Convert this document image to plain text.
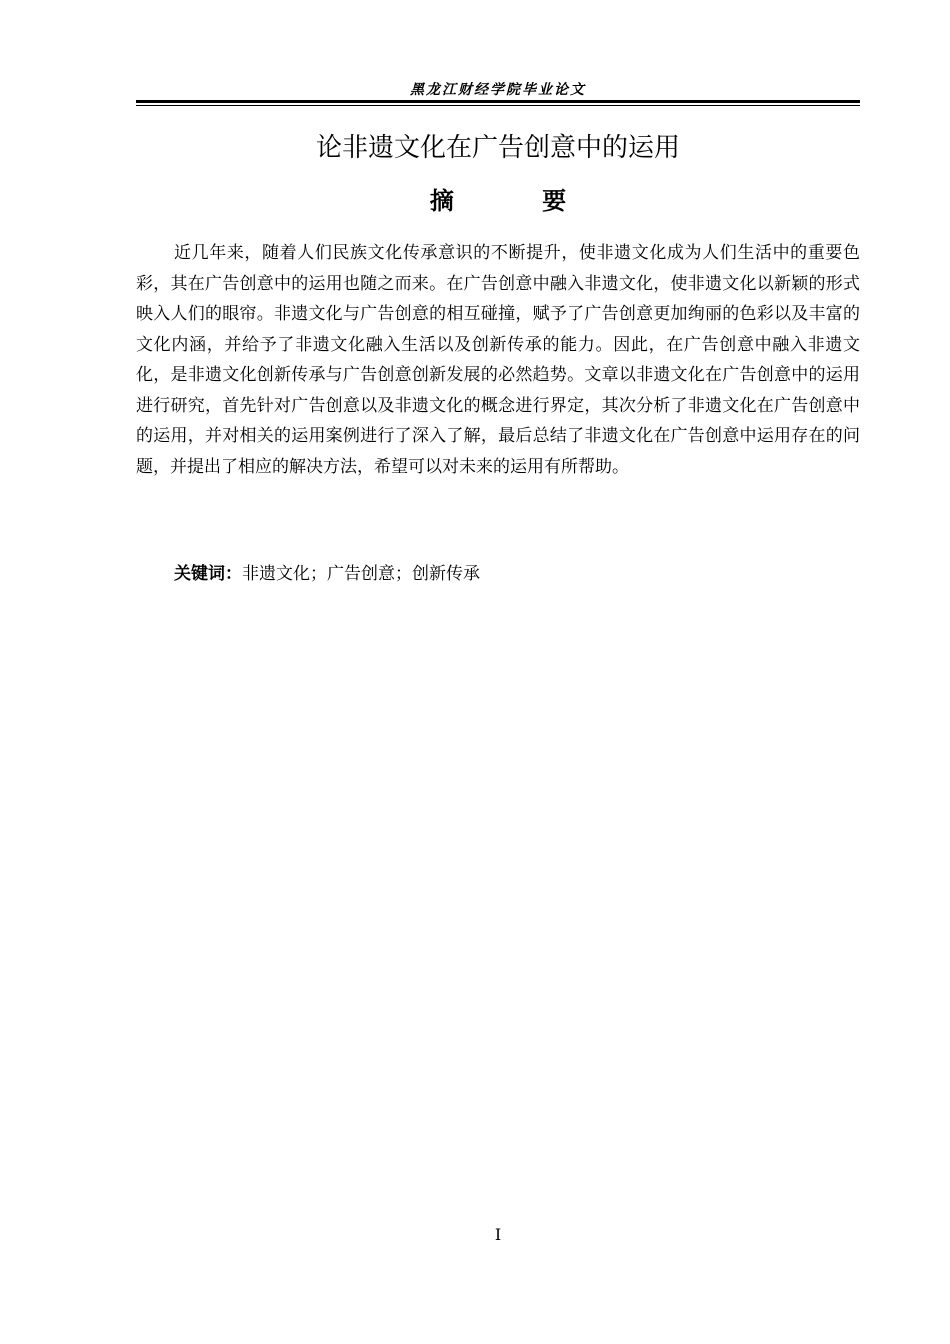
黑龙江财经学院毕业论文
论非遗文化在广告创意中的运用
摘 要

近几年来，随着人们民族文化传承意识的不断提升，使非遗文化成为人们生活中的重要色彩，其在广告创意中的运用也随之而来。在广告创意中融入非遗文化，使非遗文化以新颖的形式映入人们的眼帘。非遗文化与广告创意的相互碰撞，赋予了广告创意更加绚丽的色彩以及丰富的文化内涵，并给予了非遗文化融入生活以及创新传承的能力。因此，在广告创意中融入非遗文化，是非遗文化创新传承与广告创意创新发展的必然趋势。文章以非遗文化在广告创意中的运用进行研究，首先针对广告创意以及非遗文化的概念进行界定，其次分析了非遗文化在广告创意中的运用，并对相关的运用案例进行了深入了解，最后总结了非遗文化在广告创意中运用存在的问题，并提出了相应的解决方法，希望可以对未来的运用有所帮助。

关键词：非遗文化；广告创意；创新传承
I
